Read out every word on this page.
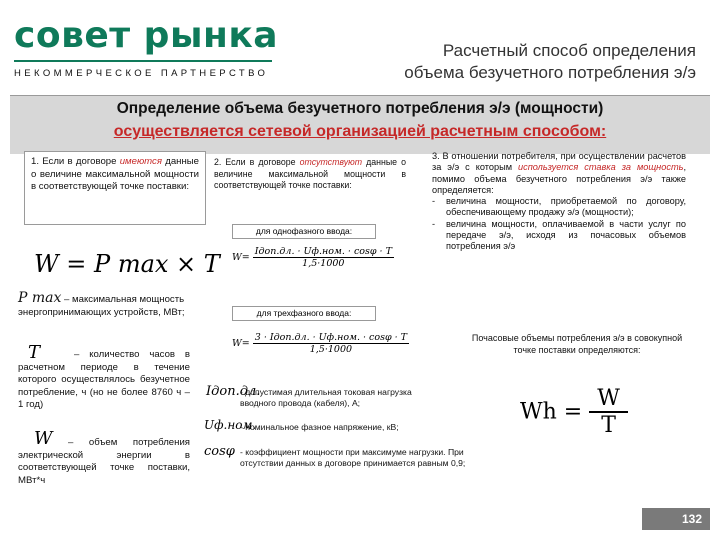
совет рынка
НЕКОММЕРЧЕСКОЕ ПАРТНЕРСТВО
Расчетный способ определения
объема безучетного потребления э/э
Определение объема безучетного потребления э/э (мощности)
осуществляется сетевой организацией расчетным способом:
1. Если в договоре имеются данные о величине максимальной мощности в соответствующей точке поставки:
W = P max × T
P max – максимальная мощность энергопринимающих устройств, МВт;
T	– количество часов в расчетном периоде в течение которого осуществлялось безучетное потребление, ч (но не более 8760 ч – 1 год)
W	– объем потребления электрической энергии в соответствующей точке поставки, МВт*ч
2. Если в договоре отсутствуют данные о величине максимальной мощности в соответствующей точке поставки:
для однофазного ввода:
$W= \frac{\text{Iдоп.дл. · Uф.ном. · cosφ · T}}{1,5\cdot 1000}$
для трехфазного ввода:
$W= \frac{\text{3 · Iдоп.дл. · Uф.ном. · cosφ · T}}{1,5\cdot 1000}$
Iдоп.дл.
- допустимая длительная токовая нагрузка вводного провода (кабеля), А;
Uф.ном.
- номинальное фазное напряжение, кВ;
cosφ - коэффициент мощности при максимуме нагрузки. При отсутствии данных в договоре принимается равным 0,9;
3. В отношении потребителя, при осуществлении расчетов за э/э с которым используется ставка за мощность, помимо объема безучетного потребления э/э также определяется:
- величина мощности, приобретаемой по договору, обеспечивающему продажу э/э (мощности);
- величина мощности, оплачиваемой в части услуг по передаче э/э, исходя из почасовых объемов потребления э/э
Почасовые объемы потребления э/э в совокупной точке поставки определяются:
$Wh = \frac{W}{T}$
132
